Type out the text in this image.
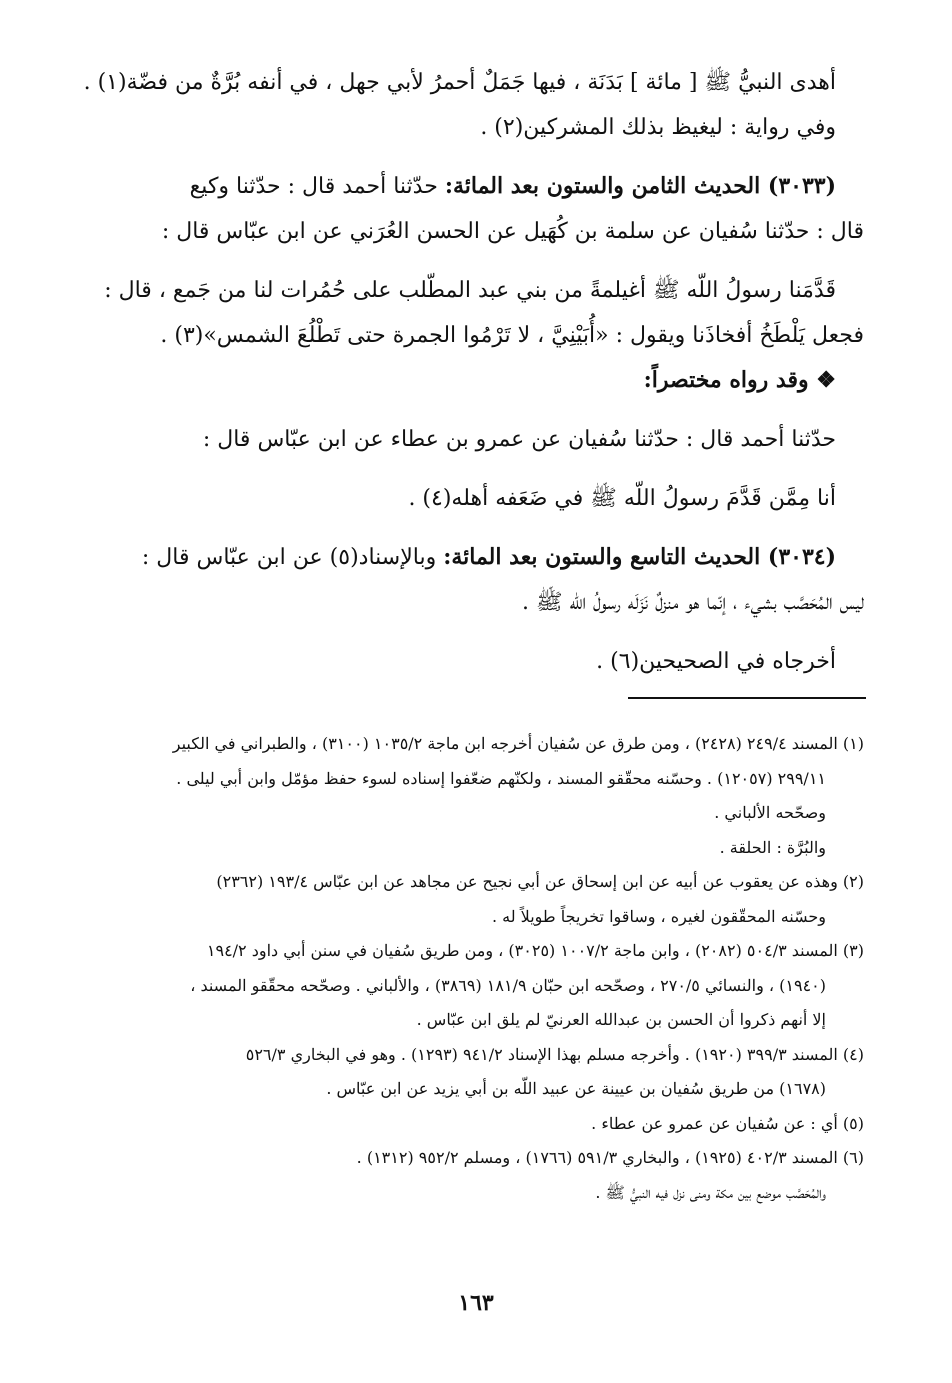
أهدى النبيُّ ﷺ [ مائة ] بَدَنَة ، فيها جَمَلٌ أحمرُ لأبي جهل ، في أنفه بُرَّةٌ من فضّة(١) .

وفي رواية : ليغيظ بذلك المشركين(٢) .

(٣٠٣٣) الحديث الثامن والستون بعد المائة: حدّثنا أحمد قال : حدّثنا وكيع

قال : حدّثنا سُفيان عن سلمة بن كُهَيل عن الحسن العُرَني عن ابن عبّاس قال :

قَدَّمَنا رسولُ اللّه ﷺ أغيلمةً من بني عبد المطّلب على حُمُرات لنا من جَمع ، قال :

فجعل يَلْطَخُ أفخاذَنا ويقول : «أُبَيْنِيَّ ، لا تَرْمُوا الجمرة حتى تَطْلُعَ الشمس»(٣) .

❖ وقد رواه مختصراً:

حدّثنا أحمد قال : حدّثنا سُفيان عن عمرو بن عطاء عن ابن عبّاس قال :

أنا مِمَّن قَدَّمَ رسولُ اللّه ﷺ في ضَعَفه أهله(٤) .

(٣٠٣٤) الحديث التاسع والستون بعد المائة: وبالإسناد(٥) عن ابن عبّاس قال :

ليس المُحَصَّب بشيء ، إنّما هو منزلٌ نَزَلَه رسولُ اللّه ﷺ .

أخرجاه في الصحيحين(٦) .

(١) المسند ٢٤٩/٤ (٢٤٢٨) ، ومن طرق عن سُفيان أخرجه ابن ماجة ١٠٣٥/٢ (٣١٠٠) ، والطبراني في الكبير

٢٩٩/١١ (١٢٠٥٧) . وحسّنه محقّقو المسند ، ولكنّهم ضعّفوا إسناده لسوء حفظ مؤمّل وابن أبي ليلى .

وصحّحه الألباني .

والبُرَّة : الحلقة .

(٢) وهذه عن يعقوب عن أبيه عن ابن إسحاق عن أبي نجيح عن مجاهد عن ابن عبّاس ١٩٣/٤ (٢٣٦٢)

وحسّنه المحقّقون لغيره ، وساقوا تخريجاً طويلاً له .

(٣) المسند ٥٠٤/٣ (٢٠٨٢) ، وابن ماجة ١٠٠٧/٢ (٣٠٢٥) ، ومن طريق سُفيان في سنن أبي داود ١٩٤/٢

(١٩٤٠) ، والنسائي ٢٧٠/٥ ، وصحّحه ابن حبّان ١٨١/٩ (٣٨٦٩) ، والألباني . وصحّحه محقّقو المسند ،

إلا أنهم ذكروا أن الحسن بن عبدالله العرنيّ لم يلق ابن عبّاس .

(٤) المسند ٣٩٩/٣ (١٩٢٠) . وأخرجه مسلم بهذا الإسناد ٩٤١/٢ (١٢٩٣) . وهو في البخاري ٥٢٦/٣

(١٦٧٨) من طريق سُفيان بن عيينة عن عبيد اللّه بن أبي يزيد عن ابن عبّاس .

(٥) أي : عن سُفيان عن عمرو عن عطاء .

(٦) المسند ٤٠٢/٣ (١٩٢٥) ، والبخاري ٥٩١/٣ (١٧٦٦) ، ومسلم ٩٥٢/٢ (١٣١٢) .

والمُحَصَّب موضع بين مكة ومنى نزل فيه النبيُّ ﷺ .

١٦٣
